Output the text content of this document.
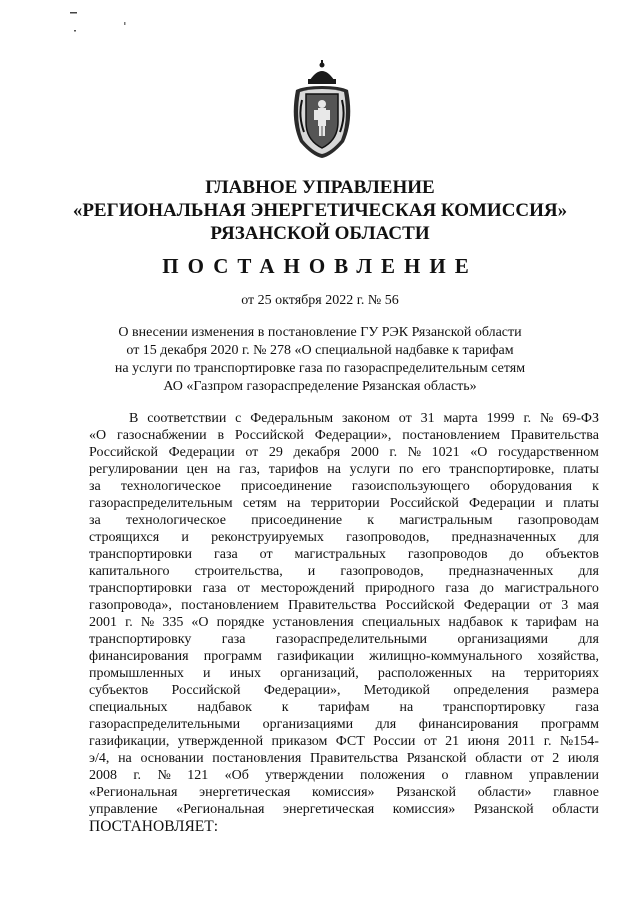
ГЛАВНОЕ УПРАВЛЕНИЕ
«РЕГИОНАЛЬНАЯ ЭНЕРГЕТИЧЕСКАЯ КОМИССИЯ»
РЯЗАНСКОЙ ОБЛАСТИ
ПОСТАНОВЛЕНИЕ
от 25 октября 2022 г. № 56
О внесении изменения в постановление ГУ РЭК Рязанской области
от 15 декабря 2020 г. № 278 «О специальной надбавке к тарифам
на услуги по транспортировке газа по газораспределительным сетям
АО «Газпром газораспределение Рязанская область»
В соответствии с Федеральным законом от 31 марта 1999 г. № 69-ФЗ
«О газоснабжении в Российской Федерации», постановлением Правительства
Российской Федерации от 29 декабря 2000 г. № 1021 «О государственном
регулировании цен на газ, тарифов на услуги по его транспортировке, платы
за технологическое присоединение газоиспользующего оборудования к
газораспределительным сетям на территории Российской Федерации и платы
за технологическое присоединение к магистральным газопроводам
строящихся и реконструируемых газопроводов, предназначенных для
транспортировки газа от магистральных газопроводов до объектов
капитального строительства, и газопроводов, предназначенных для
транспортировки газа от месторождений природного газа до магистрального
газопровода», постановлением Правительства Российской Федерации от 3 мая
2001 г. № 335 «О порядке установления специальных надбавок к тарифам на
транспортировку газа газораспределительными организациями для
финансирования программ газификации жилищно-коммунального хозяйства,
промышленных и иных организаций, расположенных на территориях
субъектов Российской Федерации», Методикой определения размера
специальных надбавок к тарифам на транспортировку газа
газораспределительными организациями для финансирования программ
газификации, утвержденной приказом ФСТ России от 21 июня 2011 г. №154-
э/4, на основании постановления Правительства Рязанской области от 2 июля
2008 г. № 121 «Об утверждении положения о главном управлении
«Региональная энергетическая комиссия» Рязанской области» главное
управление «Региональная энергетическая комиссия» Рязанской области
ПОСТАНОВЛЯЕТ:
